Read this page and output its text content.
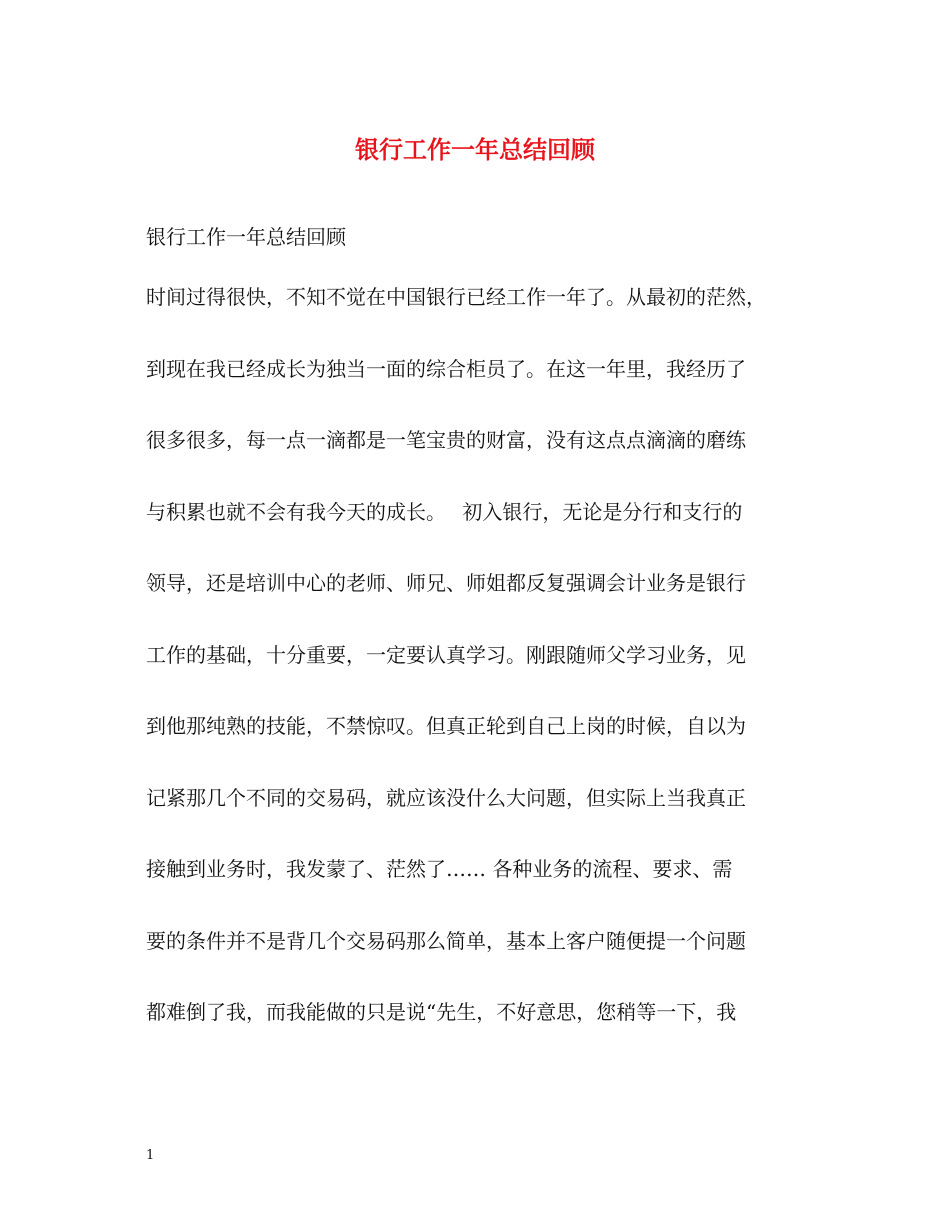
银行工作一年总结回顾
银行工作一年总结回顾
时间过得很快，不知不觉在中国银行已经工作一年了。从最初的茫然，
到现在我已经成长为独当一面的综合柜员了。在这一年里，我经历了
很多很多，每一点一滴都是一笔宝贵的财富，没有这点点滴滴的磨练
与积累也就不会有我今天的成长。　 初入银行，无论是分行和支行的
领导，还是培训中心的老师、师兄、师姐都反复强调会计业务是银行
工作的基础，十分重要，一定要认真学习。刚跟随师父学习业务，见
到他那纯熟的技能，不禁惊叹。但真正轮到自己上岗的时候，自以为
记紧那几个不同的交易码，就应该没什么大问题，但实际上当我真正
接触到业务时，我发蒙了、茫然了…… 各种业务的流程、要求、需
要的条件并不是背几个交易码那么简单，基本上客户随便提一个问题
都难倒了我，而我能做的只是说“先生，不好意思，您稍等一下，我
1
